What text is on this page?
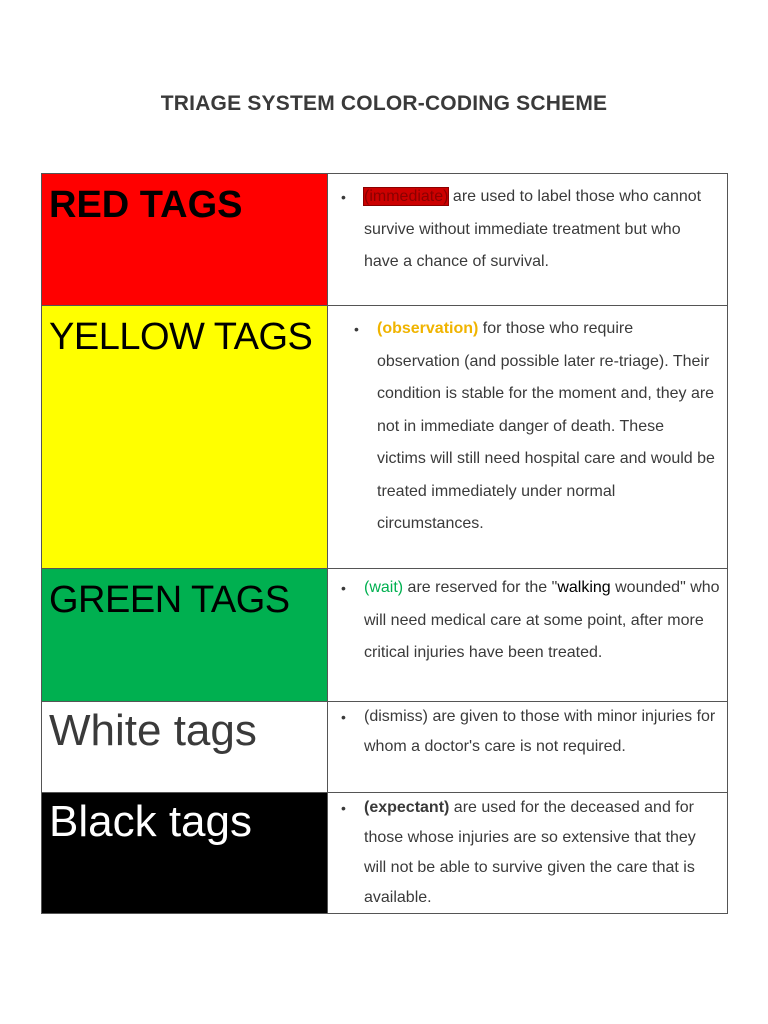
TRIAGE SYSTEM COLOR-CODING SCHEME
RED TAGS	• (immediate) are used to label those who cannot survive without immediate treatment but who have a chance of survival.

YELLOW TAGS	• (observation) for those who require observation (and possible later re-triage). Their condition is stable for the moment and, they are not in immediate danger of death. These victims will still need hospital care and would be treated immediately under normal circumstances.

GREEN TAGS	• (wait) are reserved for the "walking wounded" who will need medical care at some point, after more critical injuries have been treated.

White tags	• (dismiss) are given to those with minor injuries for whom a doctor's care is not required.

Black tags	• (expectant) are used for the deceased and for those whose injuries are so extensive that they will not be able to survive given the care that is available.
